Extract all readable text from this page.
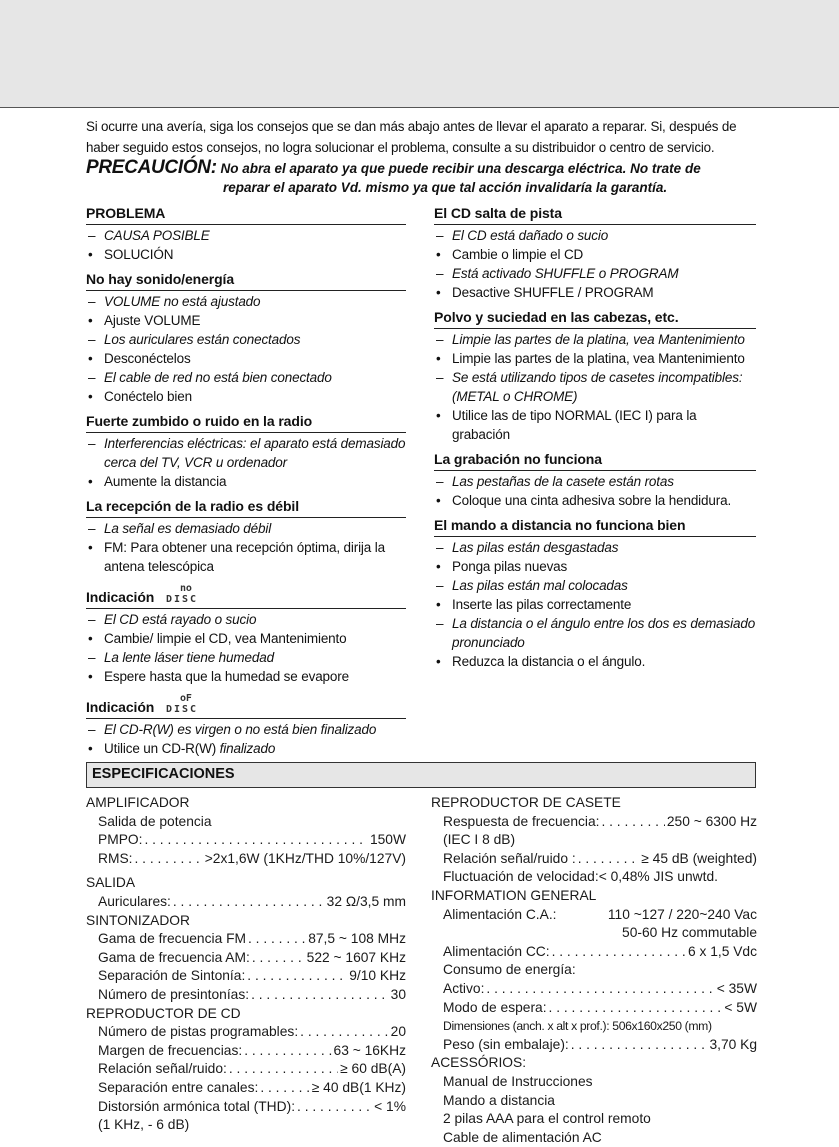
Si ocurre una avería, siga los consejos que se dan más abajo antes de llevar el aparato a reparar. Si, después de haber seguido estos consejos, no logra solucionar el problema, consulte a su distribuidor o centro de servicio.
PRECAUCIÓN: No abra el aparato ya que puede recibir una descarga eléctrica. No trate de
reparar el aparato Vd. mismo ya que tal acción invalidaría la garantía.
PROBLEMA
– CAUSA POSIBLE
• SOLUCIÓN
No hay sonido/energía
– VOLUME no está ajustado
• Ajuste VOLUME
– Los auriculares están conectados
• Desconéctelos
– El cable de red no está bien conectado
• Conéctelo bien
Fuerte zumbido o ruido en la radio
– Interferencias eléctricas: el aparato está demasiado cerca del TV, VCR u ordenador
• Aumente la distancia
La recepción de la radio es débil
– La señal es demasiado débil
• FM: Para obtener una recepción óptima, dirija la antena telescópica
Indicación
no
DISC
– El CD está rayado o sucio
• Cambie/ limpie el CD, vea Mantenimiento
– La lente láser tiene humedad
• Espere hasta que la humedad se evapore
Indicación
oF
DISC
– El CD-R(W) es virgen o no está bien finalizado
• Utilice un CD-R(W) finalizado
El CD salta de pista
– El CD está dañado o sucio
• Cambie o limpie el CD
– Está activado SHUFFLE o PROGRAM
• Desactive SHUFFLE / PROGRAM
Polvo y suciedad en las cabezas, etc.
– Limpie las partes de la platina, vea Mantenimiento
• Limpie las partes de la platina, vea Mantenimiento
– Se está utilizando tipos de casetes incompatibles: (METAL o CHROME)
• Utilice las de tipo NORMAL (IEC I) para la grabación
La grabación no funciona
– Las pestañas de la casete están rotas
• Coloque una cinta adhesiva sobre la hendidura.
El mando a distancia no funciona bien
– Las pilas están desgastadas
• Ponga pilas nuevas
– Las pilas están mal colocadas
• Inserte las pilas correctamente
– La distancia o el ángulo entre los dos es demasiado pronunciado
• Reduzca la distancia o el ángulo.
ESPECIFICACIONES
AMPLIFICADOR
Salida de potencia
PMPO: . . .	150W
RMS: . . .	>2x1,6W (1KHz/THD 10%/127V)
SALIDA
Auriculares: . . .	32 Ω/3,5 mm
SINTONIZADOR
Gama de frecuencia FM . . .	87,5 ~ 108 MHz
Gama de frecuencia AM: . . .	522 ~ 1607 KHz
Separación de Sintonía: . . .	9/10 KHz
Número de presintonías: . . .	30
REPRODUCTOR DE CD
Número de pistas programables: . . .	20
Margen de frecuencias: . . .	63 ~ 16KHz
Relación señal/ruido: . . .	≥ 60 dB(A)
Separación entre canales: . . .	≥ 40 dB(1 KHz)
Distorsión armónica total (THD): . . .	< 1%
(1 KHz, - 6 dB)
REPRODUCTOR DE CASETE
Respuesta de frecuencia: . . .	250 ~ 6300 Hz
(IEC I 8 dB)
Relación señal/ruido : . . .	≥ 45 dB (weighted)
Fluctuación de velocidad:< 0,48% JIS unwtd.
INFORMATION GENERAL
Alimentación C.A.:	110 ~127 / 220~240 Vac
50-60 Hz commutable
Alimentación CC: . . .	6 x 1,5 Vdc
Consumo de energía:
Activo: . . .	< 35W
Modo de espera: . . .	< 5W
Dimensiones (anch. x alt x prof.): 506x160x250 (mm)
Peso (sin embalaje): . . .	3,70 Kg
ACESSÓRIOS:
Manual de Instrucciones
Mando a distancia
2 pilas AAA para el control remoto
Cable de alimentación AC
